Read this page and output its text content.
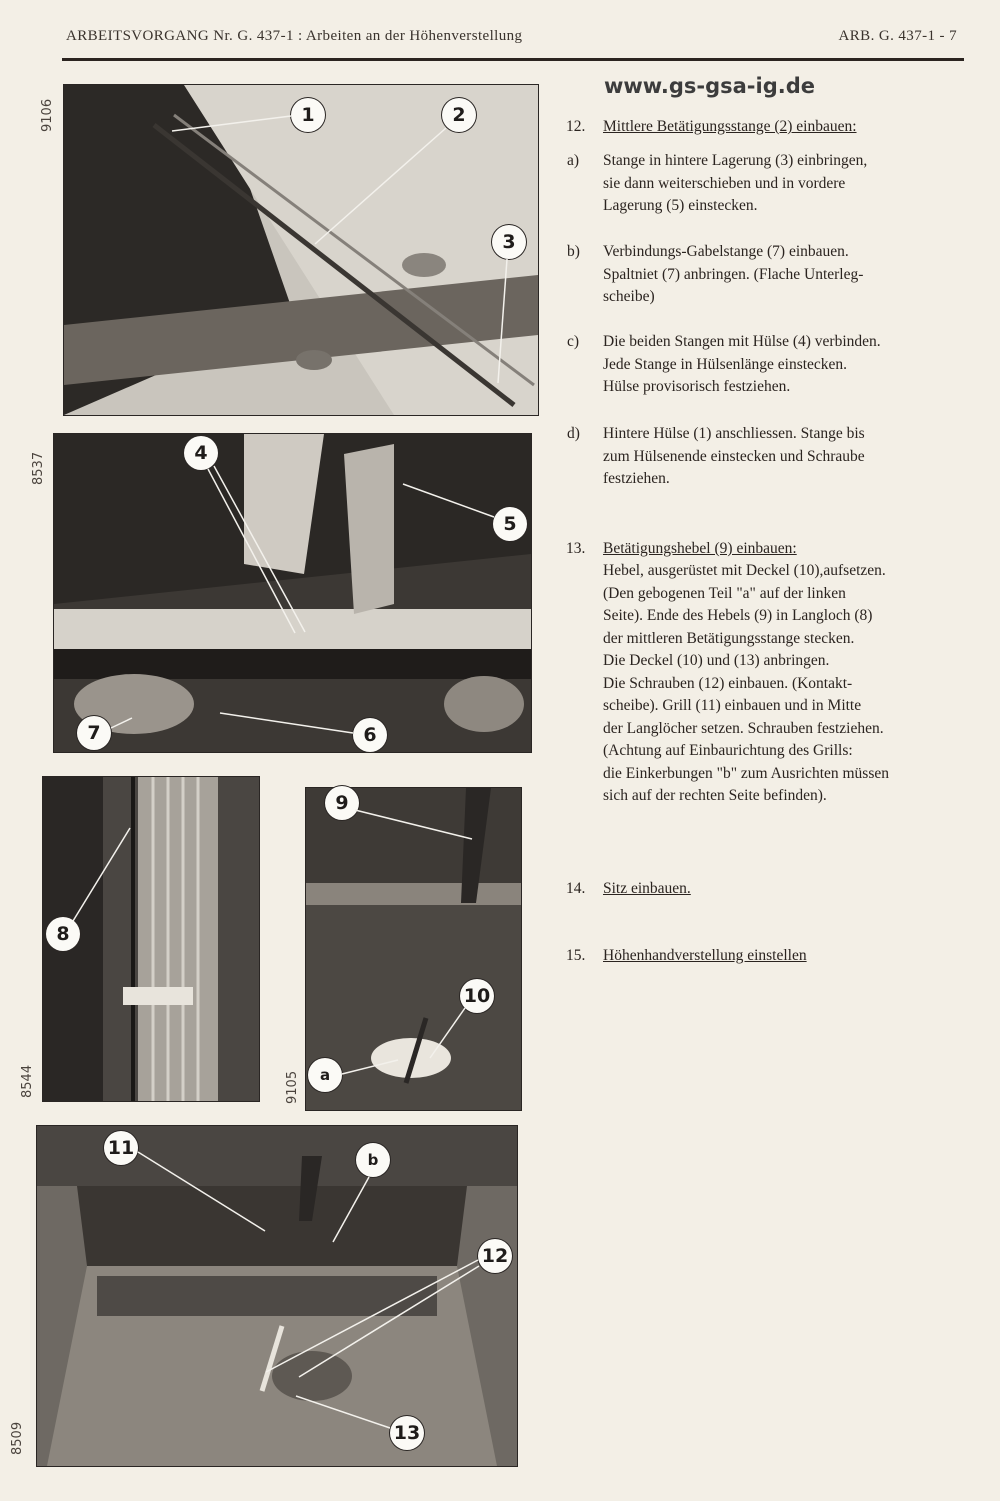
ARBEITSVORGANG Nr. G. 437-1 : Arbeiten an der Höhenverstellung	ARB. G. 437-1 - 7
www.gs-gsa-ig.de
9106	1	2
3
8537	4
5
6
7
8544
8
9105
9
10
a
8509
11
b
12
13
12. Mittlere Betätigungsstange (2) einbauen:
a) Stange in hintere Lagerung (3) einbringen,
sie dann weiterschieben und in vordere
Lagerung (5) einstecken.
b) Verbindungs-Gabelstange (7) einbauen.
Spaltniet (7) anbringen. (Flache Unterleg-
scheibe)
c) Die beiden Stangen mit Hülse (4) verbinden.
Jede Stange in Hülsenlänge einstecken.
Hülse provisorisch festziehen.
d) Hintere Hülse (1) anschliessen. Stange bis
zum Hülsenende einstecken und Schraube
festziehen.
13. Betätigungshebel (9) einbauen:
Hebel, ausgerüstet mit Deckel (10),aufsetzen.
(Den gebogenen Teil "a" auf der linken
Seite). Ende des Hebels (9) in Langloch (8)
der mittleren Betätigungsstange stecken.
Die Deckel (10) und (13) anbringen.
Die Schrauben (12) einbauen. (Kontakt-
scheibe). Grill (11) einbauen und in Mitte
der Langlöcher setzen. Schrauben festziehen.
(Achtung auf Einbaurichtung des Grills:
die Einkerbungen "b" zum Ausrichten müssen
sich auf der rechten Seite befinden).
14. Sitz einbauen.
15. Höhenhandverstellung einstellen
